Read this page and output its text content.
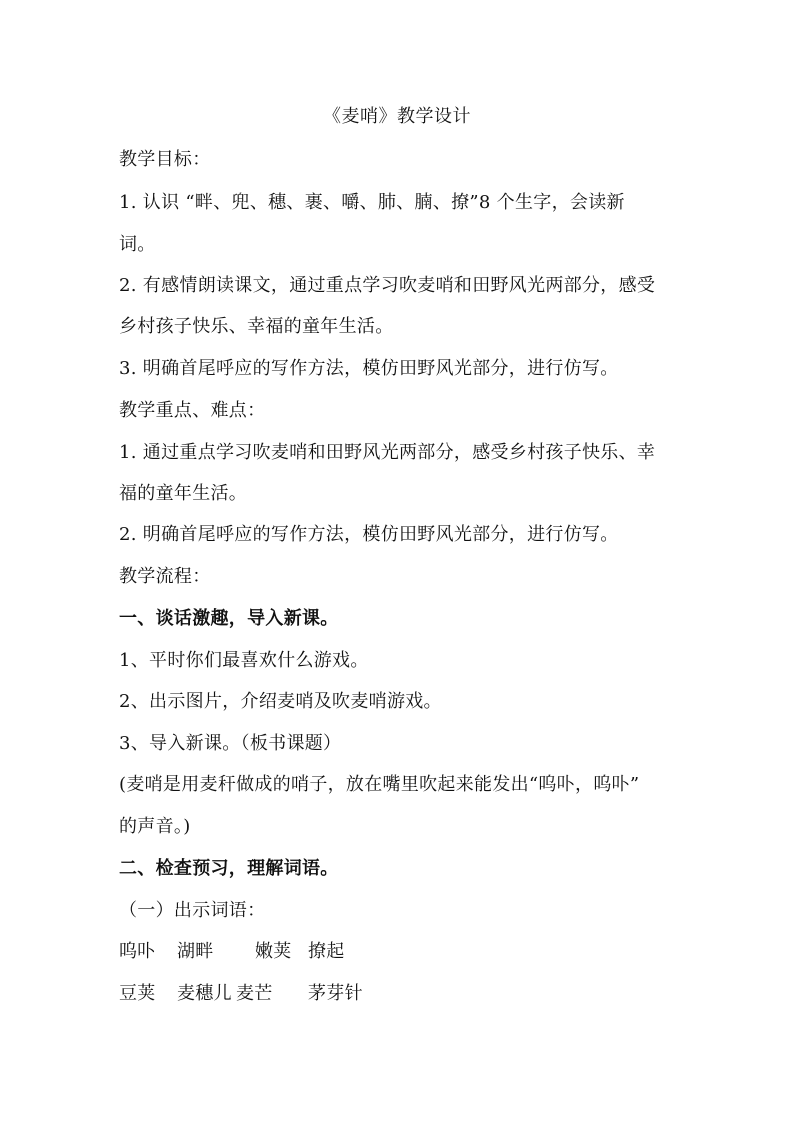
《麦哨》教学设计
教学目标：
1. 认识 “畔、兜、穗、裹、嚼、肺、腩、撩”8 个生字，会读新
词。
2. 有感情朗读课文，通过重点学习吹麦哨和田野风光两部分，感受
乡村孩子快乐、幸福的童年生活。
3. 明确首尾呼应的写作方法，模仿田野风光部分，进行仿写。
教学重点、难点：
1. 通过重点学习吹麦哨和田野风光两部分，感受乡村孩子快乐、幸
福的童年生活。
2. 明确首尾呼应的写作方法，模仿田野风光部分，进行仿写。
教学流程：
一、谈话激趣，导入新课。
1、平时你们最喜欢什么游戏。
2、出示图片，介绍麦哨及吹麦哨游戏。
3、导入新课。（板书课题）
(麦哨是用麦秆做成的哨子，放在嘴里吹起来能发出“呜卟，呜卟”
的声音。)
二、检查预习，理解词语。
（一）出示词语：
呜卟 湖畔 嫩荚 撩起
豆荚 麦穗儿 麦芒 茅芽针
